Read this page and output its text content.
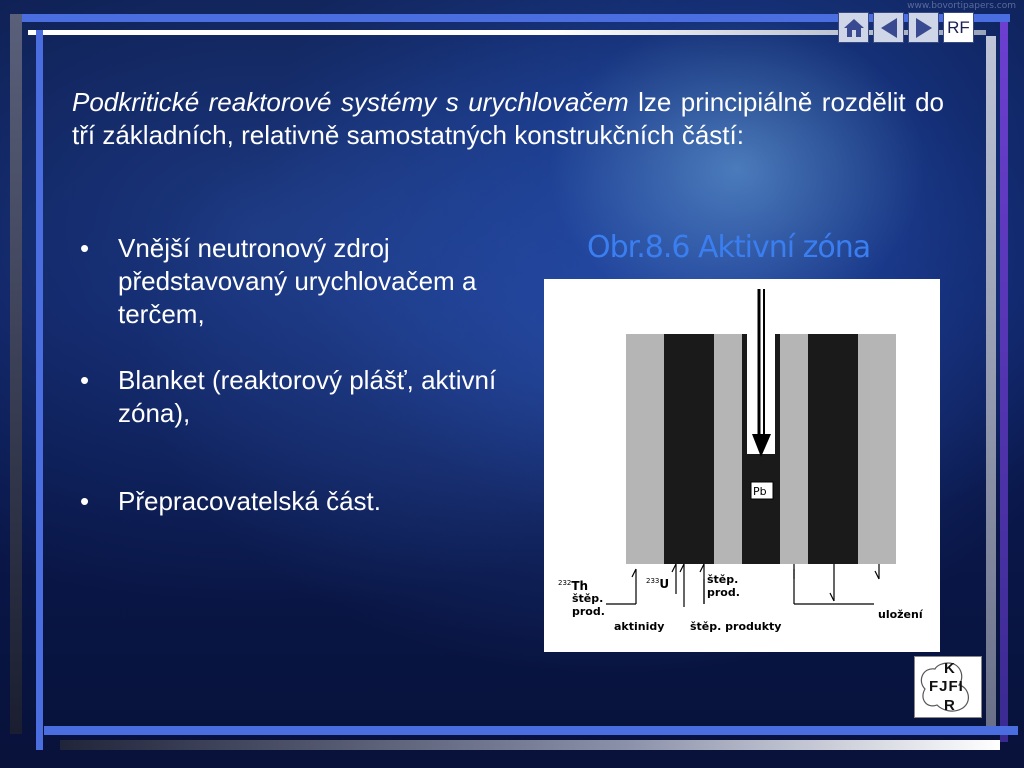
www.bovortipapers.com
RF
Podkritické reaktorové systémy s urychlovačem lze principiálně rozdělit do tří základních, relativně samostatných konstrukčních částí:
• Vnější neutronový zdroj představovaný urychlovačem a terčem,
• Blanket (reaktorový plášť, aktivní zóna),
• Přepracovatelská část.
Obr.8.6 Aktivní zóna
Pb
$^{232}$Th
štěp.
prod.
$^{233}$U	štěp.
prod.
aktinidy štěp. produkty
uložení
K
FJFI
R
